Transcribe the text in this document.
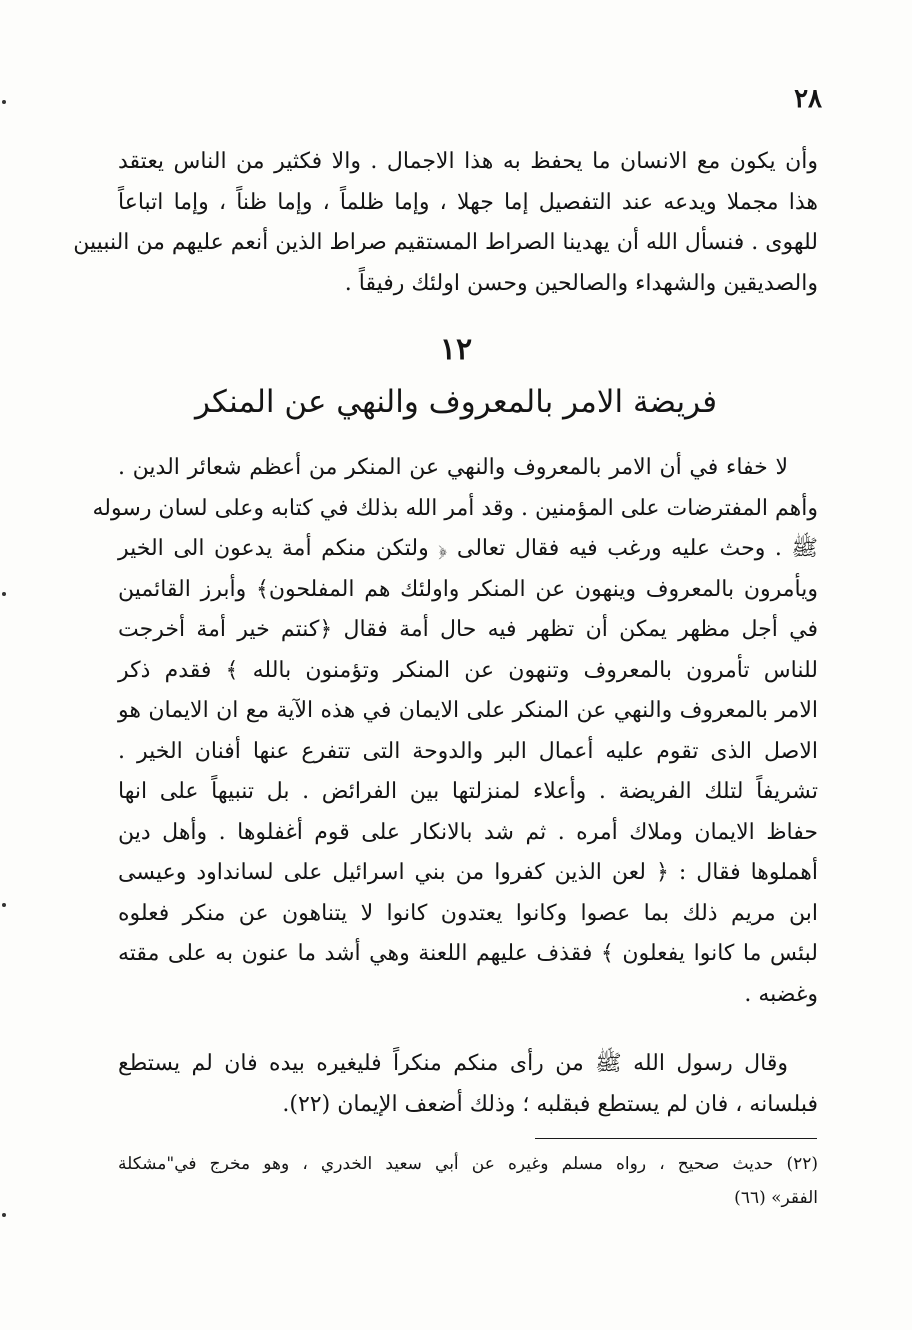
٢٨
وأن يكون مع الانسان ما يحفظ به هذا الاجمال . والا فكثير من الناس يعتقد
هذا مجملا ويدعه عند التفصيل إما جهلا ، وإما ظلماً ، وإما ظناً ، وإما اتباعاً
للهوى . فنسأل الله أن يهدينا الصراط المستقيم صراط الذين أنعم عليهم من النبيين
والصديقين والشهداء والصالحين وحسن اولئك رفيقاً .
١٢
فريضة الامر بالمعروف والنهي عن المنكر
لا خفاء في أن الامر بالمعروف والنهي عن المنكر من أعظم شعائر الدين .
وأهم المفترضات على المؤمنين . وقد أمر الله بذلك في كتابه وعلى لسان رسوله
ﷺ . وحث عليه ورغب فيه فقال تعالى ﴿ ولتكن منكم أمة يدعون الى الخير
ويأمرون بالمعروف وينهون عن المنكر واولئك هم المفلحون﴾ وأبرز القائمين
في أجل مظهر يمكن أن تظهر فيه حال أمة فقال ﴿كنتم خير أمة أخرجت
للناس تأمرون بالمعروف وتنهون عن المنكر وتؤمنون بالله ﴾ فقدم ذكر
الامر بالمعروف والنهي عن المنكر على الايمان في هذه الآية مع ان الايمان هو
الاصل الذى تقوم عليه أعمال البر والدوحة التى تتفرع عنها أفنان الخير .
تشريفاً لتلك الفريضة . وأعلاء لمنزلتها بين الفرائض . بل تنبيهاً على انها
حفاظ الايمان وملاك أمره . ثم شد بالانكار على قوم أغفلوها . وأهل دين
أهملوها فقال : ﴿ لعن الذين كفروا من بني اسرائيل على لسانداود وعيسى
ابن مريم ذلك بما عصوا وكانوا يعتدون كانوا لا يتناهون عن منكر فعلوه
لبئس ما كانوا يفعلون ﴾ فقذف عليهم اللعنة وهي أشد ما عنون به على مقته
وغضبه .
وقال رسول الله ﷺ من رأى منكم منكراً فليغيره بيده فان لم يستطع
فبلسانه ، فان لم يستطع فبقلبه ؛ وذلك أضعف الإيمان (٢٢).
(٢٢) حديث صحيح ، رواه مسلم وغيره عن أبي سعيد الخدري ، وهو مخرج في"مشكلة
الفقر» (٦٦)
